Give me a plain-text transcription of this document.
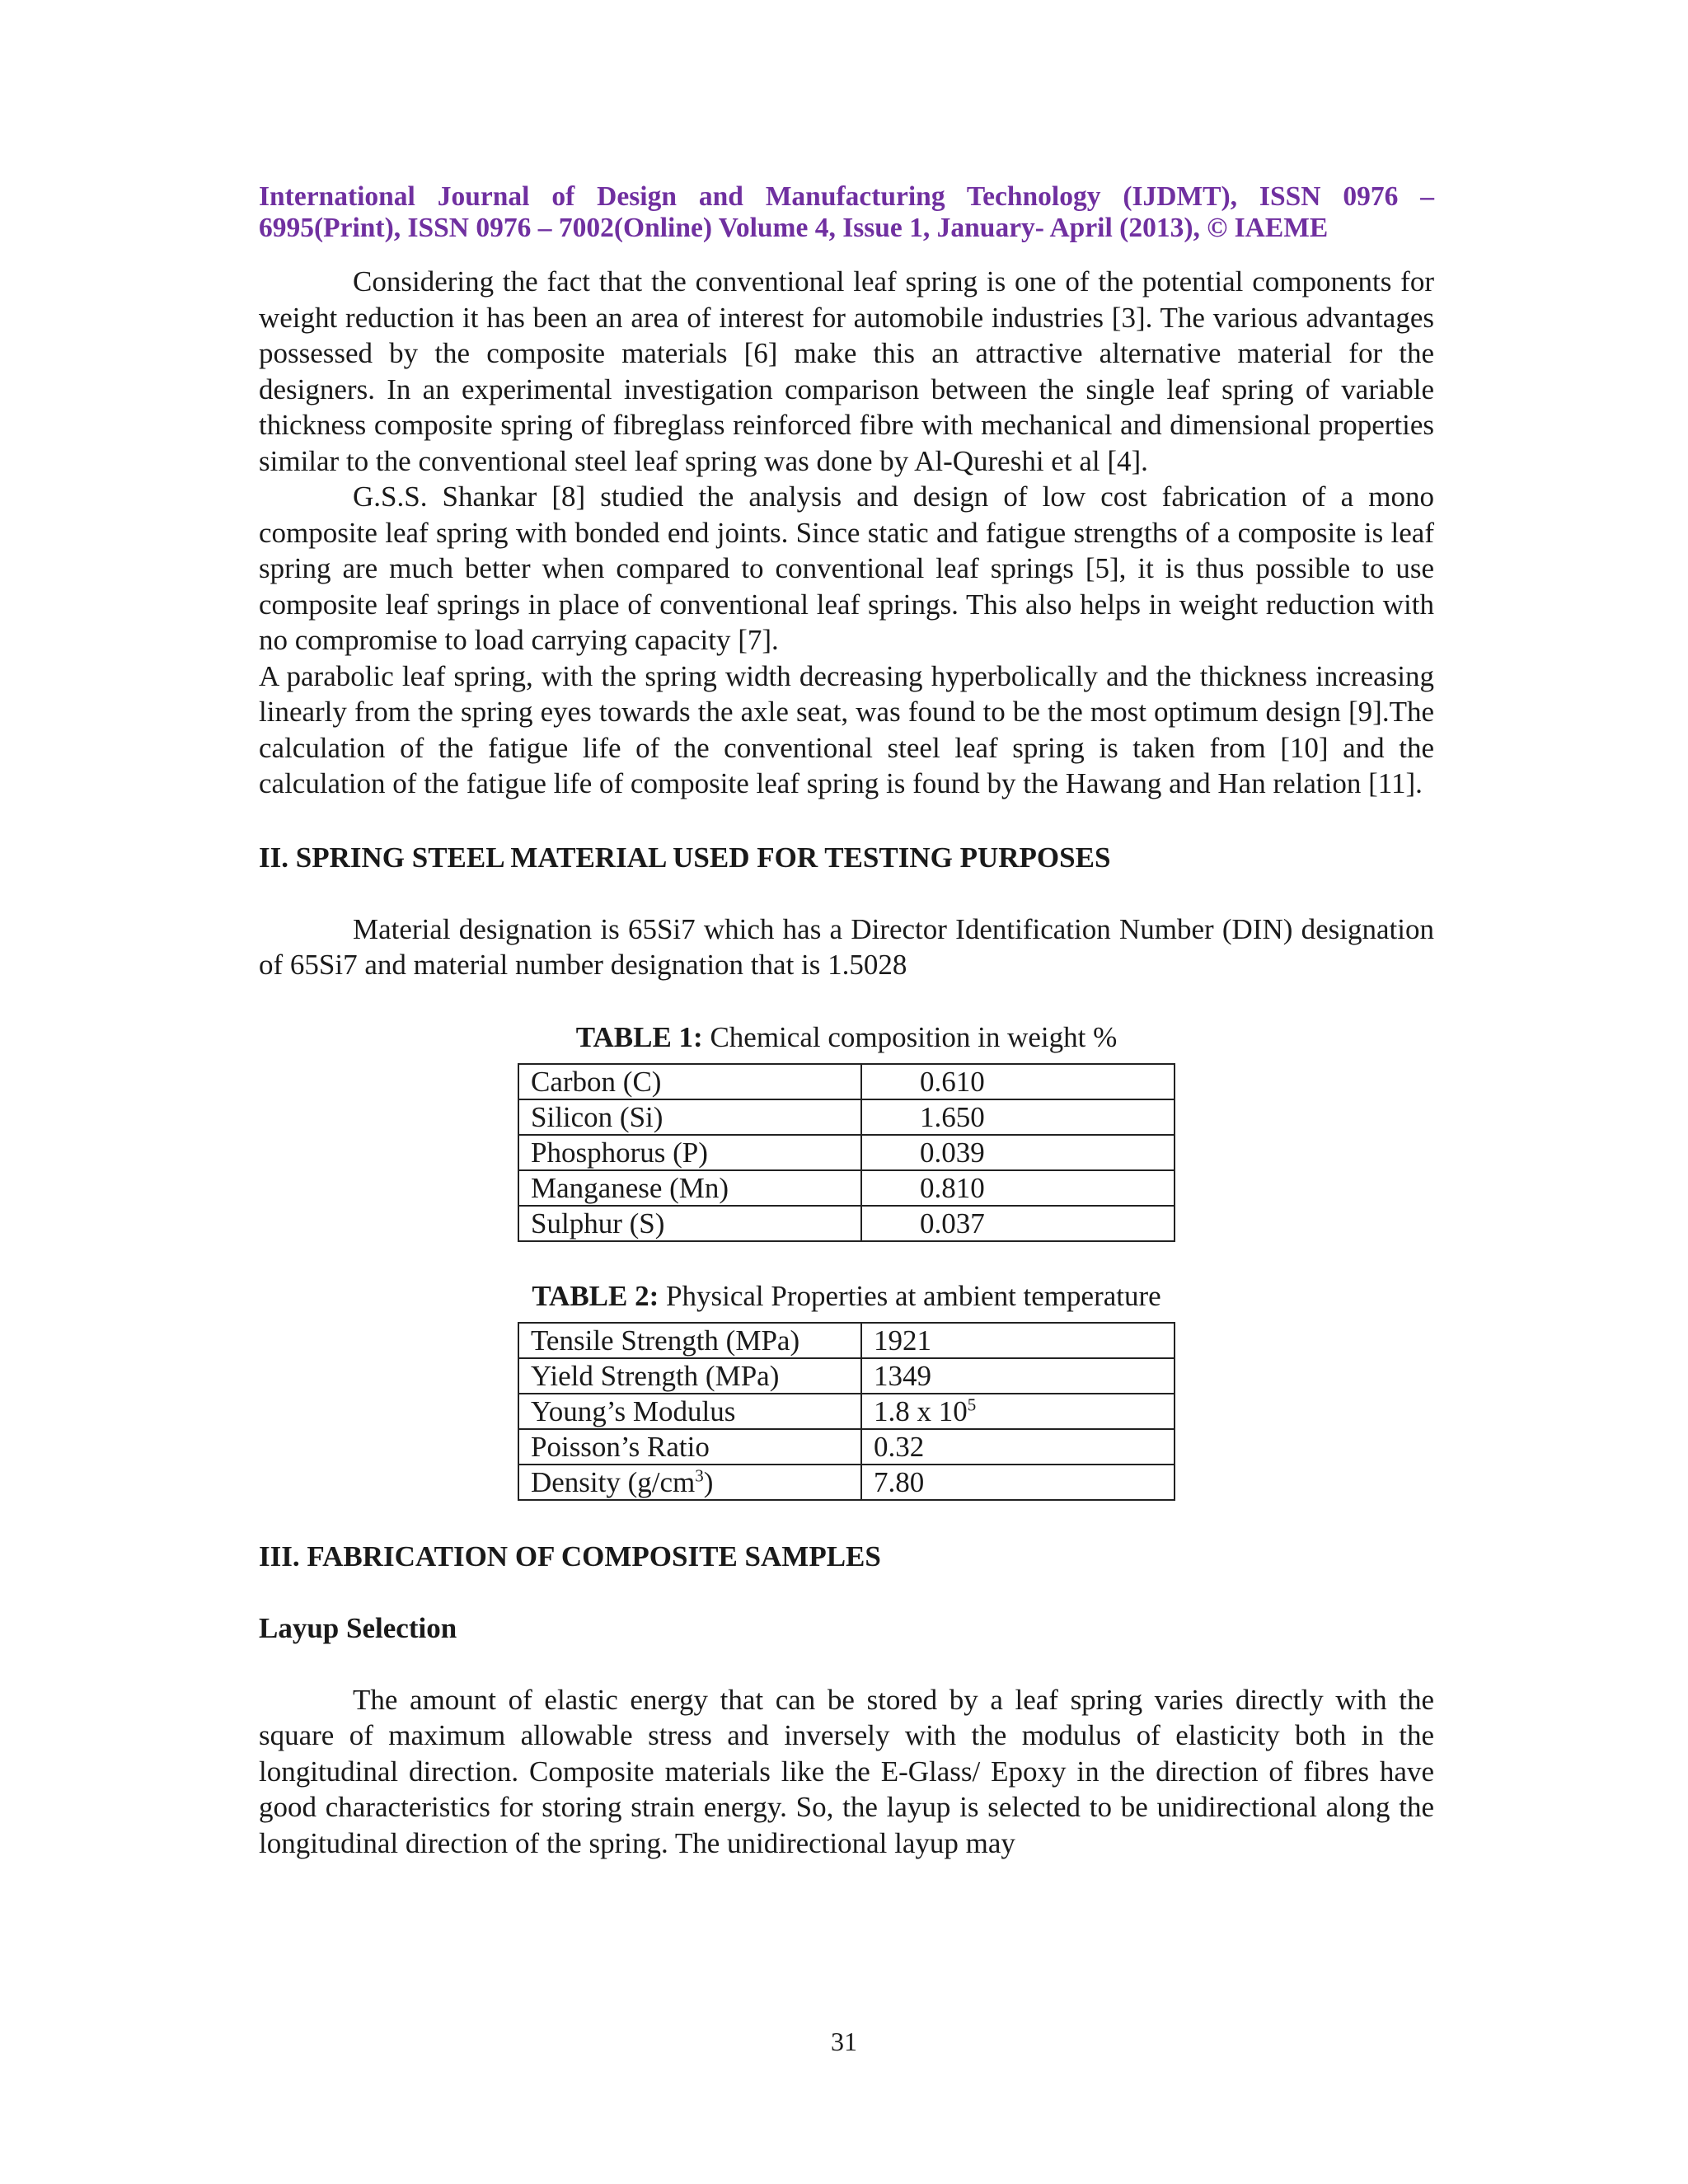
International Journal of Design and Manufacturing Technology (IJDMT), ISSN 0976 –
6995(Print), ISSN 0976 – 7002(Online) Volume 4, Issue 1, January- April (2013), © IAEME

Considering the fact that the conventional leaf spring is one of the potential components for weight reduction it has been an area of interest for automobile industries [3]. The various advantages possessed by the composite materials [6] make this an attractive alternative material for the designers. In an experimental investigation comparison between the single leaf spring of variable thickness composite spring of fibreglass reinforced fibre with mechanical and dimensional properties similar to the conventional steel leaf spring was done by Al-Qureshi et al [4].

G.S.S. Shankar [8] studied the analysis and design of low cost fabrication of a mono composite leaf spring with bonded end joints. Since static and fatigue strengths of a composite is leaf spring are much better when compared to conventional leaf springs [5], it is thus possible to use composite leaf springs in place of conventional leaf springs. This also helps in weight reduction with no compromise to load carrying capacity [7].

A parabolic leaf spring, with the spring width decreasing hyperbolically and the thickness increasing linearly from the spring eyes towards the axle seat, was found to be the most optimum design [9].The calculation of the fatigue life of the conventional steel leaf spring is taken from [10] and the calculation of the fatigue life of composite leaf spring is found by the Hawang and Han relation [11].

II. SPRING STEEL MATERIAL USED FOR TESTING PURPOSES

Material designation is 65Si7 which has a Director Identification Number (DIN) designation of 65Si7 and material number designation that is 1.5028

TABLE 1: Chemical composition in weight %
Carbon (C)	0.610
Silicon (Si)	1.650
Phosphorus (P)	0.039
Manganese (Mn)	0.810
Sulphur (S)	0.037
TABLE 2: Physical Properties at ambient temperature
Tensile Strength (MPa)	1921
Yield Strength (MPa)	1349
Young’s Modulus	1.8 x $10^5$
Poisson’s Ratio	0.32
Density $(g/cm^3)$	7.80
III. FABRICATION OF COMPOSITE SAMPLES
Layup Selection

The amount of elastic energy that can be stored by a leaf spring varies directly with the square of maximum allowable stress and inversely with the modulus of elasticity both in the longitudinal direction. Composite materials like the E-Glass/ Epoxy in the direction of fibres have good characteristics for storing strain energy. So, the layup is selected to be unidirectional along the longitudinal direction of the spring. The unidirectional layup may

31
